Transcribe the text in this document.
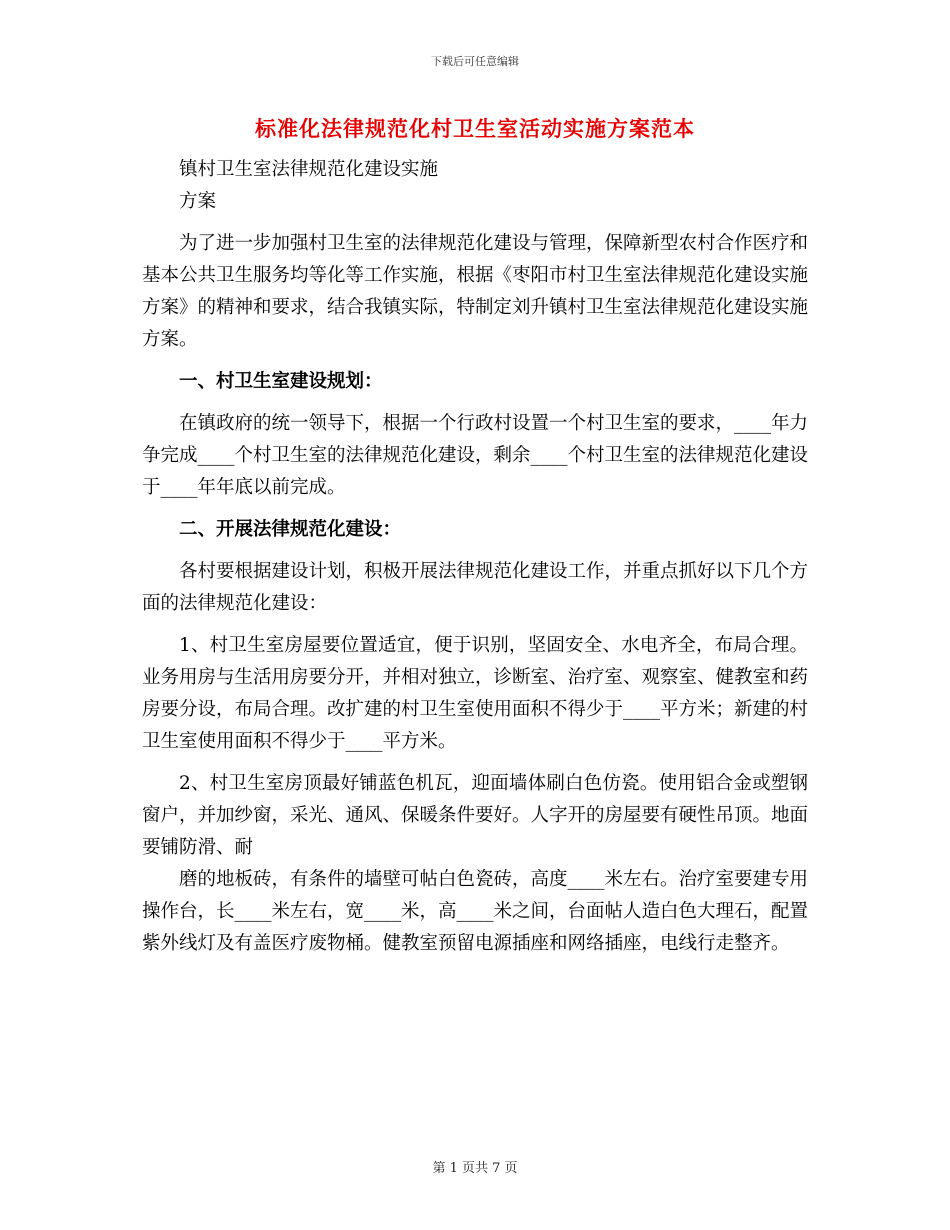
下载后可任意编辑
标准化法律规范化村卫生室活动实施方案范本

镇村卫生室法律规范化建设实施

方案

为了进一步加强村卫生室的法律规范化建设与管理，保障新型农村合作医疗和基本公共卫生服务均等化等工作实施，根据《枣阳市村卫生室法律规范化建设实施方案》的精神和要求，结合我镇实际，特制定刘升镇村卫生室法律规范化建设实施方案。

一、村卫生室建设规划：

在镇政府的统一领导下，根据一个行政村设置一个村卫生室的要求，____年力争完成____个村卫生室的法律规范化建设，剩余____个村卫生室的法律规范化建设于____年年底以前完成。

二、开展法律规范化建设：

各村要根据建设计划，积极开展法律规范化建设工作，并重点抓好以下几个方面的法律规范化建设：

1、村卫生室房屋要位置适宜，便于识别，坚固安全、水电齐全，布局合理。业务用房与生活用房要分开，并相对独立，诊断室、治疗室、观察室、健教室和药房要分设，布局合理。改扩建的村卫生室使用面积不得少于____平方米；新建的村卫生室使用面积不得少于____平方米。

2、村卫生室房顶最好铺蓝色机瓦，迎面墙体刷白色仿瓷。使用铝合金或塑钢窗户，并加纱窗，采光、通风、保暖条件要好。人字开的房屋要有硬性吊顶。地面要铺防滑、耐

磨的地板砖，有条件的墙壁可帖白色瓷砖，高度____米左右。治疗室要建专用操作台，长____米左右，宽____米，高____米之间，台面帖人造白色大理石，配置紫外线灯及有盖医疗废物桶。健教室预留电源插座和网络插座，电线行走整齐。

第 1 页共 7 页
